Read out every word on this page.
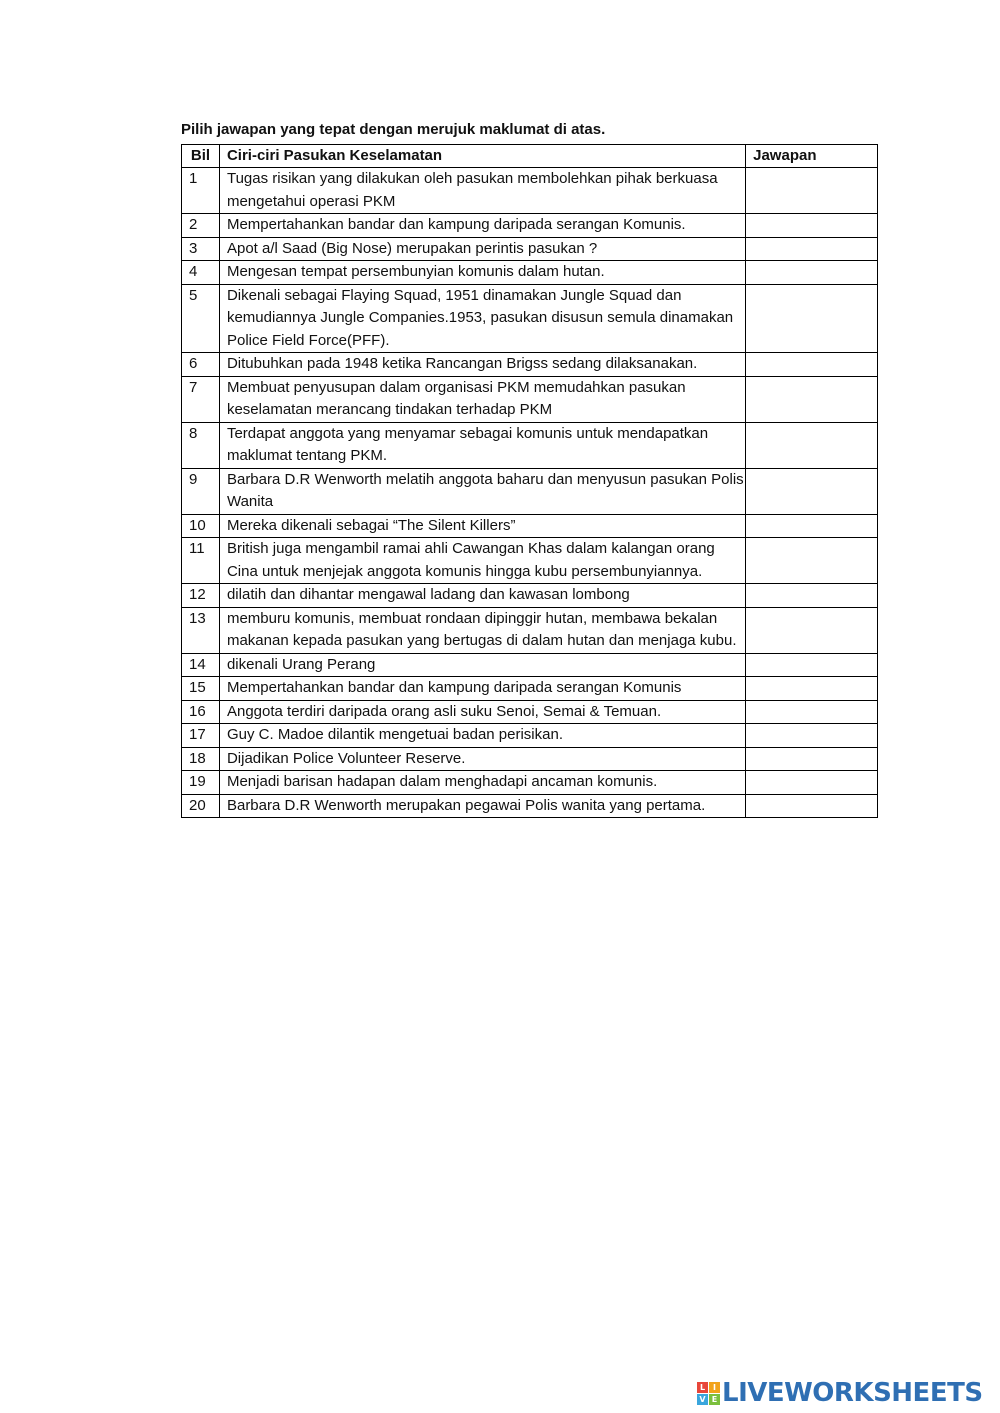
Pilih jawapan yang tepat dengan merujuk maklumat di atas.
Bil	Ciri-ciri Pasukan Keselamatan	Jawapan
1	Tugas risikan yang dilakukan oleh pasukan membolehkan pihak berkuasa mengetahui operasi PKM	

2	Mempertahankan bandar dan kampung daripada serangan Komunis.	

3	Apot a/l Saad (Big Nose) merupakan perintis pasukan ?	

4	Mengesan tempat persembunyian komunis dalam hutan.	

5	Dikenali sebagai Flaying Squad, 1951 dinamakan Jungle Squad dan kemudiannya Jungle Companies.1953, pasukan disusun semula dinamakan Police Field Force(PFF).	

6	Ditubuhkan pada 1948 ketika Rancangan Brigss sedang dilaksanakan.	

7	Membuat penyusupan dalam organisasi PKM memudahkan pasukan keselamatan merancang tindakan terhadap PKM	

8	Terdapat anggota yang menyamar sebagai komunis untuk mendapatkan maklumat tentang PKM.	

9	Barbara D.R Wenworth melatih anggota baharu dan menyusun pasukan Polis Wanita	

10	Mereka dikenali sebagai “The Silent Killers”	

11	British juga mengambil ramai ahli Cawangan Khas dalam kalangan orang Cina untuk menjejak anggota komunis hingga kubu persembunyiannya.	

12	dilatih dan dihantar mengawal ladang dan kawasan lombong	

13	memburu komunis, membuat rondaan dipinggir hutan, membawa bekalan makanan kepada pasukan yang bertugas di dalam hutan dan menjaga kubu.	

14	dikenali Urang Perang	

15	Mempertahankan bandar dan kampung daripada serangan Komunis	

16	Anggota terdiri daripada orang asli suku Senoi, Semai & Temuan.	

17	Guy C. Madoe dilantik mengetuai badan perisikan.	

18	Dijadikan Police Volunteer Reserve.	

19	Menjadi barisan hadapan dalam menghadapi ancaman komunis.	

20	Barbara D.R Wenworth merupakan pegawai Polis wanita yang pertama.	
L I
V E LIVEWORKSHEETS
